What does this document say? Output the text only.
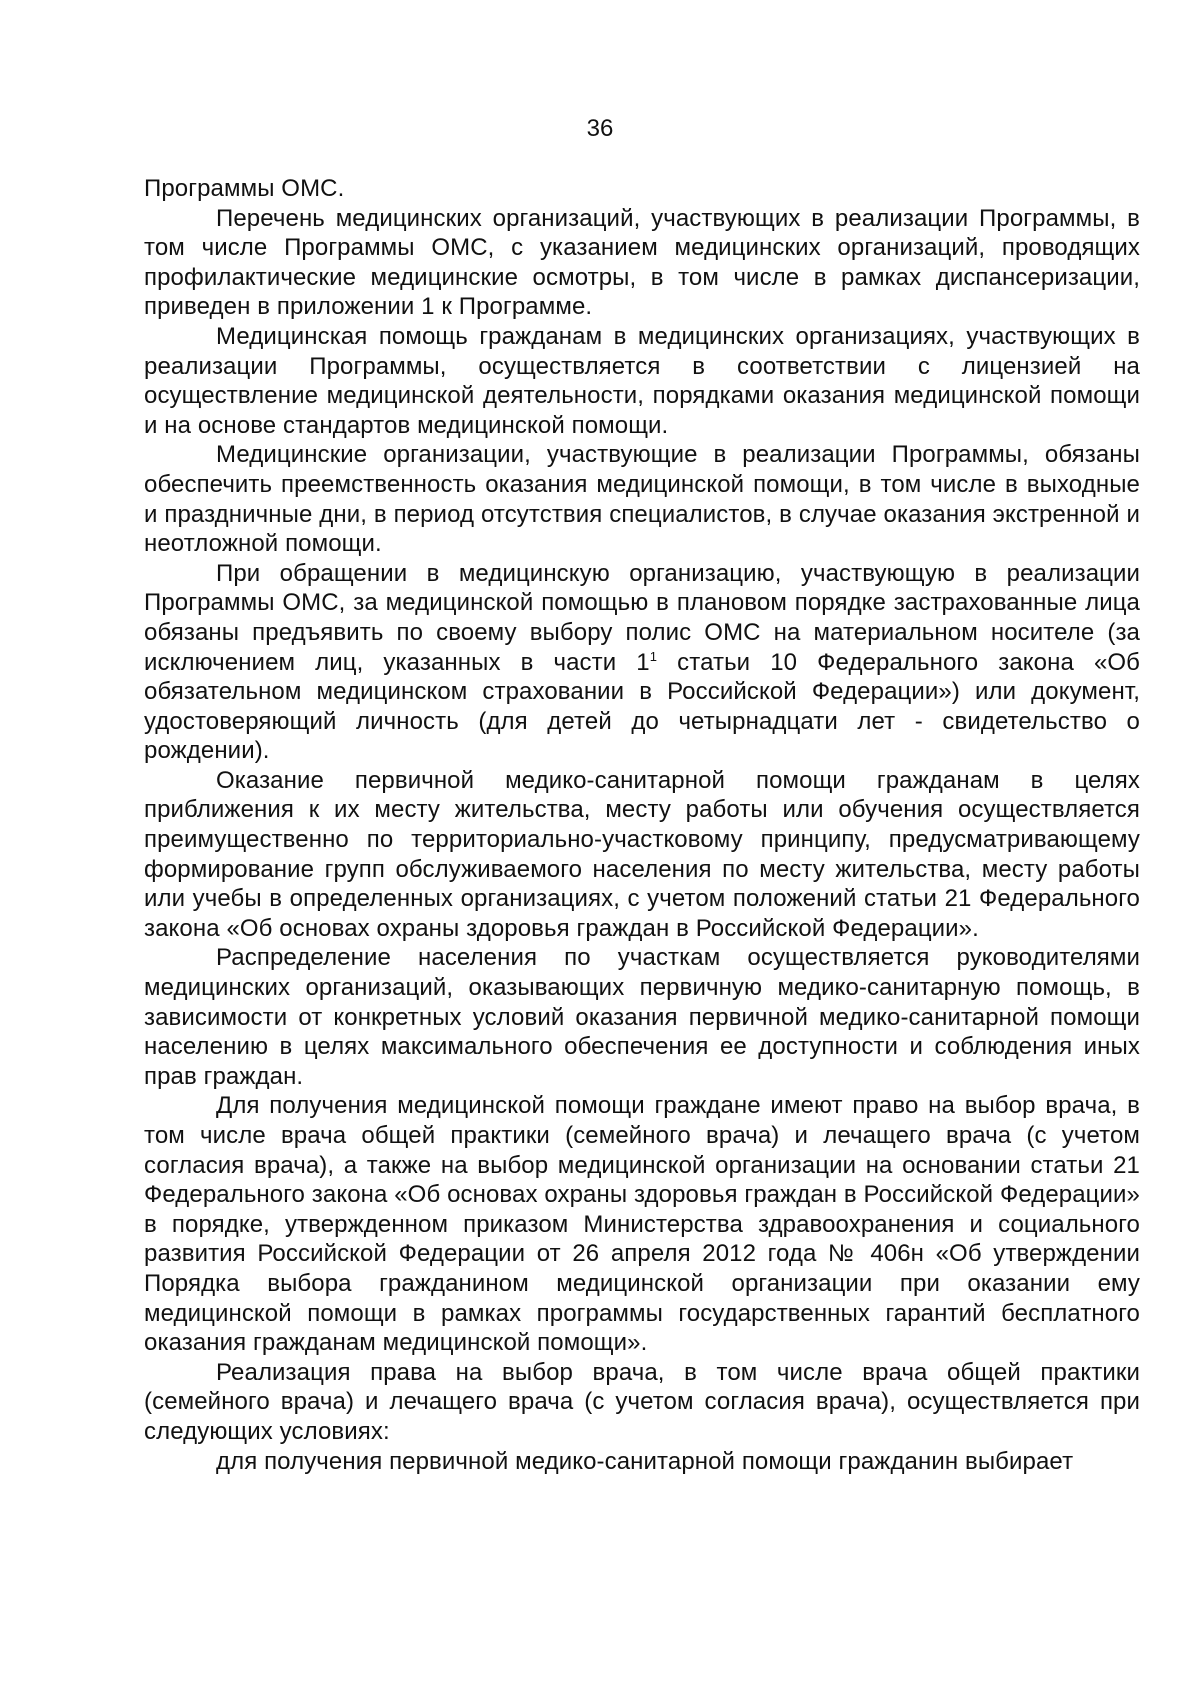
36

Программы ОМС.

Перечень медицинских организаций, участвующих в реализации Программы, в том числе Программы ОМС, с указанием медицинских организаций, проводящих профилактические медицинские осмотры, в том числе в рамках диспансеризации, приведен в приложении 1 к Программе.

Медицинская помощь гражданам в медицинских организациях, участвующих в реализации Программы, осуществляется в соответствии с лицензией на осуществление медицинской деятельности, порядками оказания медицинской помощи и на основе стандартов медицинской помощи.

Медицинские организации, участвующие в реализации Программы, обязаны обеспечить преемственность оказания медицинской помощи, в том числе в выходные и праздничные дни, в период отсутствия специалистов, в случае оказания экстренной и неотложной помощи.

При обращении в медицинскую организацию, участвующую в реализации Программы ОМС, за медицинской помощью в плановом порядке застрахованные лица обязаны предъявить по своему выбору полис ОМС на материальном носителе (за исключением лиц, указанных в части $1^1$ статьи 10 Федерального закона «Об обязательном медицинском страховании в Российской Федерации») или документ, удостоверяющий личность (для детей до четырнадцати лет - свидетельство о рождении).

Оказание первичной медико-санитарной помощи гражданам в целях приближения к их месту жительства, месту работы или обучения осуществляется преимущественно по территориально-участковому принципу, предусматривающему формирование групп обслуживаемого населения по месту жительства, месту работы или учебы в определенных организациях, с учетом положений статьи 21 Федерального закона «Об основах охраны здоровья граждан в Российской Федерации».

Распределение населения по участкам осуществляется руководителями медицинских организаций, оказывающих первичную медико-санитарную помощь, в зависимости от конкретных условий оказания первичной медико-санитарной помощи населению в целях максимального обеспечения ее доступности и соблюдения иных прав граждан.

Для получения медицинской помощи граждане имеют право на выбор врача, в том числе врача общей практики (семейного врача) и лечащего врача (с учетом согласия врача), а также на выбор медицинской организации на основании статьи 21 Федерального закона «Об основах охраны здоровья граждан в Российской Федерации» в порядке, утвержденном приказом Министерства здравоохранения и социального развития Российской Федерации от 26 апреля 2012 года № 406н «Об утверждении Порядка выбора гражданином медицинской организации при оказании ему медицинской помощи в рамках программы государственных гарантий бесплатного оказания гражданам медицинской помощи».

Реализация права на выбор врача, в том числе врача общей практики (семейного врача) и лечащего врача (с учетом согласия врача), осуществляется при следующих условиях:

для получения первичной медико-санитарной помощи гражданин выбирает
